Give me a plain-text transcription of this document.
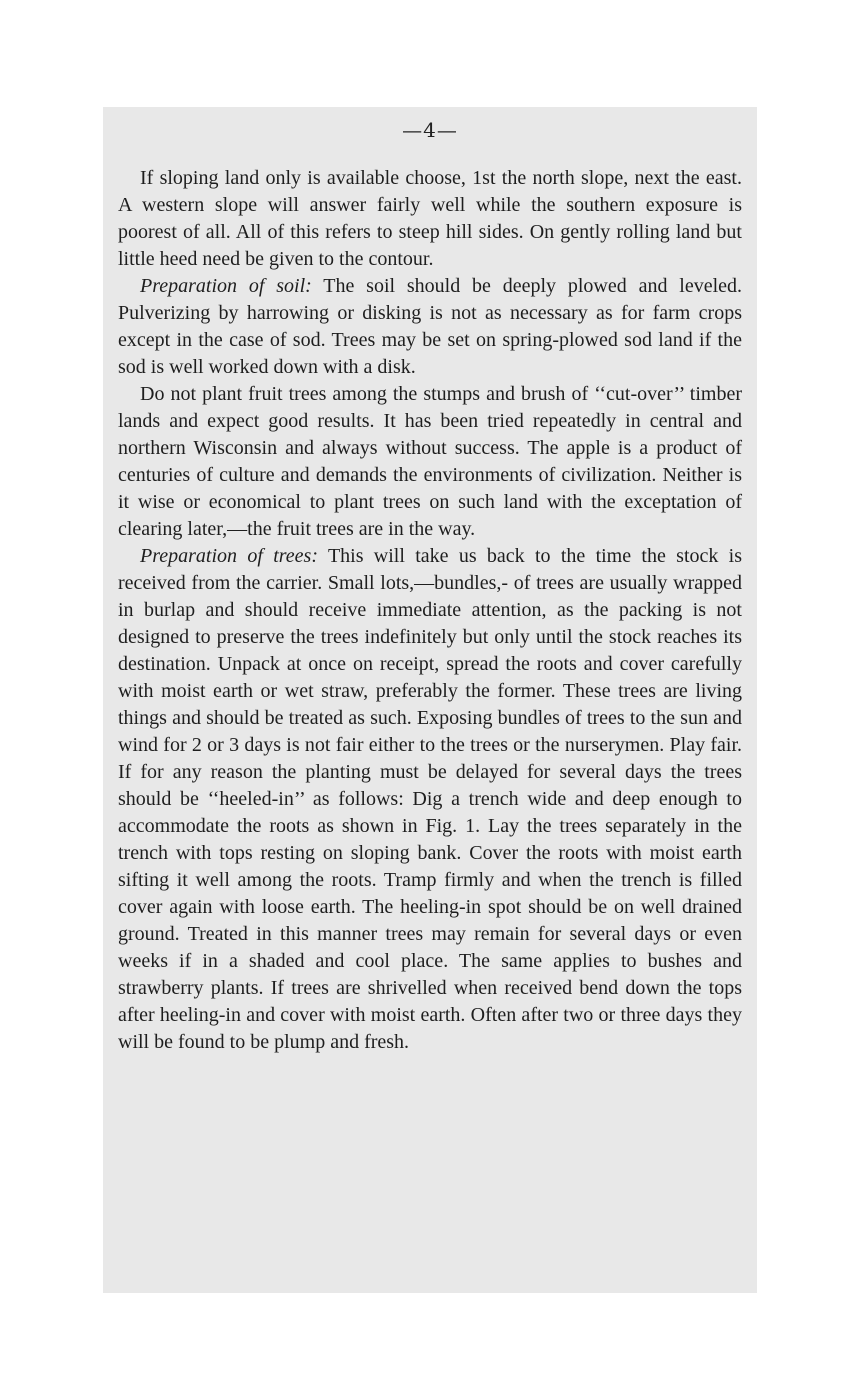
—4—

If sloping land only is available choose, 1st the north slope, next the east. A western slope will answer fairly well while the southern exposure is poorest of all. All of this refers to steep hill sides. On gently rolling land but little heed need be given to the contour.

Preparation of soil: The soil should be deeply plowed and leveled. Pulverizing by harrowing or disking is not as necessary as for farm crops except in the case of sod. Trees may be set on spring-plowed sod land if the sod is well worked down with a disk.

Do not plant fruit trees among the stumps and brush of ‘‘cut-over’’ timber lands and expect good results. It has been tried repeatedly in central and northern Wisconsin and always without success. The apple is a product of centuries of culture and demands the environments of civilization. Neither is it wise or economical to plant trees on such land with the exceptation of clearing later,—the fruit trees are in the way.

Preparation of trees: This will take us back to the time the stock is received from the carrier. Small lots,—bundles,- of trees are usually wrapped in burlap and should receive immediate attention, as the packing is not designed to preserve the trees indefinitely but only until the stock reaches its destination. Unpack at once on receipt, spread the roots and cover carefully with moist earth or wet straw, preferably the former. These trees are living things and should be treated as such. Exposing bundles of trees to the sun and wind for 2 or 3 days is not fair either to the trees or the nurserymen. Play fair. If for any reason the planting must be delayed for several days the trees should be ‘‘heeled-in’’ as follows: Dig a trench wide and deep enough to accommodate the roots as shown in Fig. 1. Lay the trees separately in the trench with tops resting on sloping bank. Cover the roots with moist earth sifting it well among the roots. Tramp firmly and when the trench is filled cover again with loose earth. The heeling-in spot should be on well drained ground. Treated in this manner trees may remain for several days or even weeks if in a shaded and cool place. The same applies to bushes and strawberry plants. If trees are shrivelled when received bend down the tops after heeling-in and cover with moist earth. Often after two or three days they will be found to be plump and fresh.
